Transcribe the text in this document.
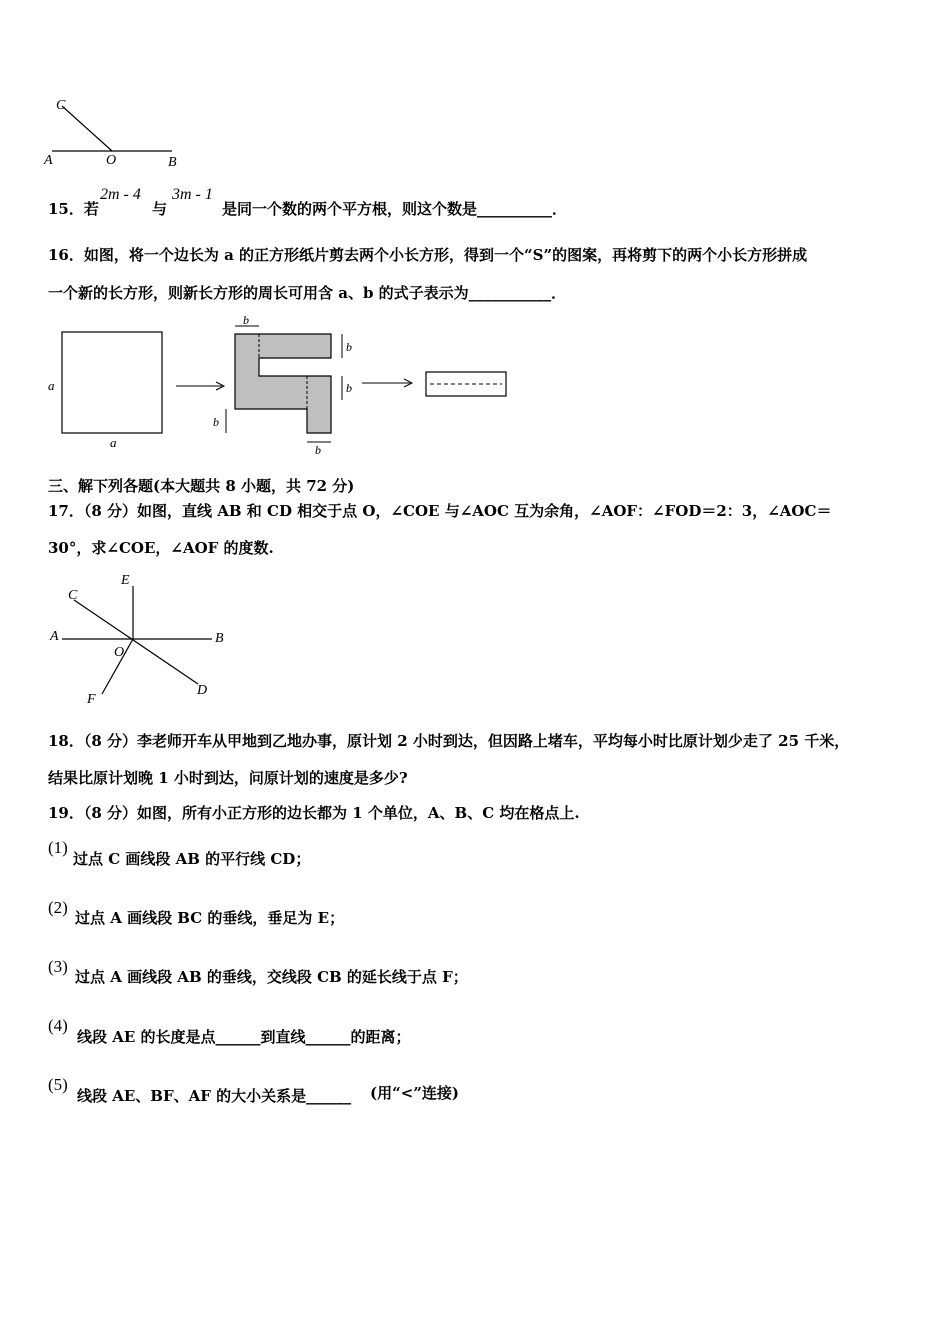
C
A	O	B
15．若
2m - 4
与
3m - 1
是同一个数的两个平方根，则这个数是__________．
16．如图，将一个边长为 a 的正方形纸片剪去两个小长方形，得到一个“S”的图案，再将剪下的两个小长方形拼成
一个新的长方形，则新长方形的周长可用含 a、b 的式子表示为___________．
a
a
b
b
b
b
b
三、解下列各题(本大题共 8 小题，共 72 分)
17．（8 分）如图，直线 AB 和 CD 相交于点 O，∠COE 与∠AOC 互为余角，∠AOF：∠FOD＝2：3，∠AOC＝
30°，求∠COE，∠AOF 的度数.
E
C
A	B
O
F
D
18．（8 分）李老师开车从甲地到乙地办事，原计划 2 小时到达，但因路上堵车，平均每小时比原计划少走了 25 千米，
结果比原计划晚 1 小时到达，问原计划的速度是多少?
19．（8 分）如图，所有小正方形的边长都为 1 个单位，A、B、C 均在格点上.
(1)
过点 C 画线段 AB 的平行线 CD；
(2)
过点 A 画线段 BC 的垂线，垂足为 E；
(3)
过点 A 画线段 AB 的垂线，交线段 CB 的延长线于点 F；
(4)
线段 AE 的长度是点______到直线______的距离；
(5)
线段 AE、BF、AF 的大小关系是______ (用“<”连接)
